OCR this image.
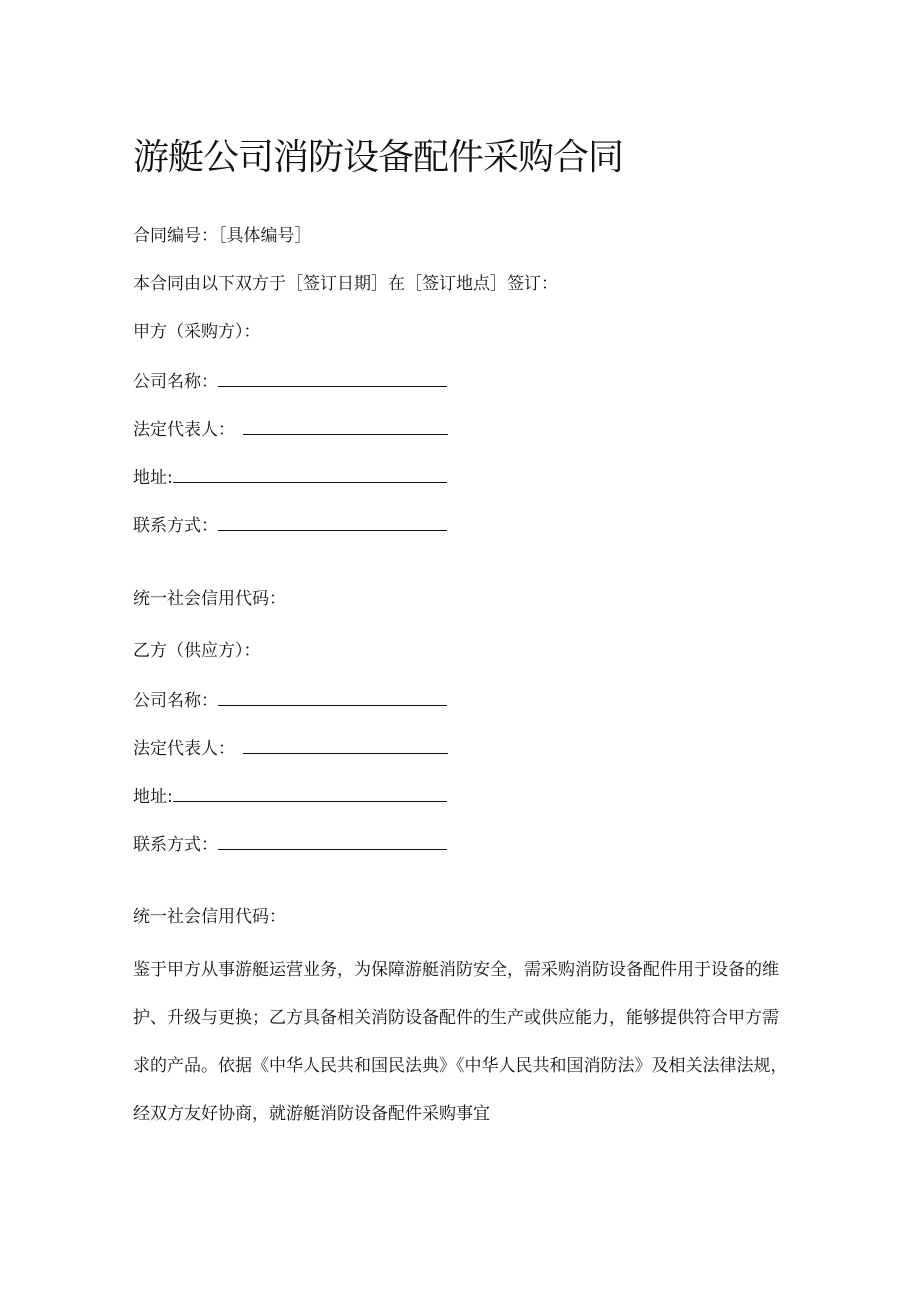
游艇公司消防设备配件采购合同
合同编号：［具体编号］
本合同由以下双方于［签订日期］在［签订地点］签订：
甲方（采购方）：
公司名称：
法定代表人：
地址:
联系方式：
统一社会信用代码：
乙方（供应方）：
公司名称：
法定代表人：
地址:
联系方式：
统一社会信用代码：
鉴于甲方从事游艇运营业务，为保障游艇消防安全，需采购消防设备配件用于设备的维
护、升级与更换；乙方具备相关消防设备配件的生产或供应能力，能够提供符合甲方需
求的产品。依据《中华人民共和国民法典》《中华人民共和国消防法》及相关法律法规，
经双方友好协商，就游艇消防设备配件采购事宜
